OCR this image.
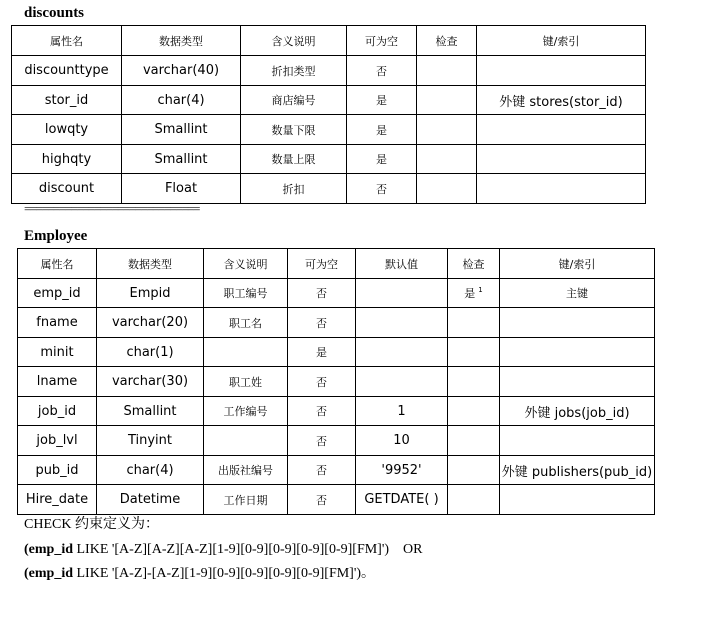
discounts
属性名	数据类型	含义说明	可为空	检查	键/索引
discounttype	varchar(40)	折扣类型	否		
stor_id	char(4)	商店编号	是		外键 stores(stor_id)
lowqty	Smallint	数量下限	是		
highqty	Smallint	数量上限	是		
discount	Float	折扣	否		
==============================
Employee
属性名	数据类型	含义说明	可为空	默认值	检查	键/索引
emp_id	Empid	职工编号	否		是 $^1$	主键
fname	varchar(20)	职工名	否			
minit	char(1)		是			
lname	varchar(30)	职工姓	否			
job_id	Smallint	工作编号	否	1		外键 jobs(job_id)
job_lvl	Tinyint		否	10		
pub_id	char(4)	出版社编号	否	'9952'		外键 publishers(pub_id)
Hire_date	Datetime	工作日期	否	GETDATE( )		
CHECK 约束定义为：
(emp_id LIKE '[A-Z][A-Z][A-Z][1-9][0-9][0-9][0-9][0-9][FM]')    OR
(emp_id LIKE '[A-Z]-[A-Z][1-9][0-9][0-9][0-9][0-9][FM]')。
